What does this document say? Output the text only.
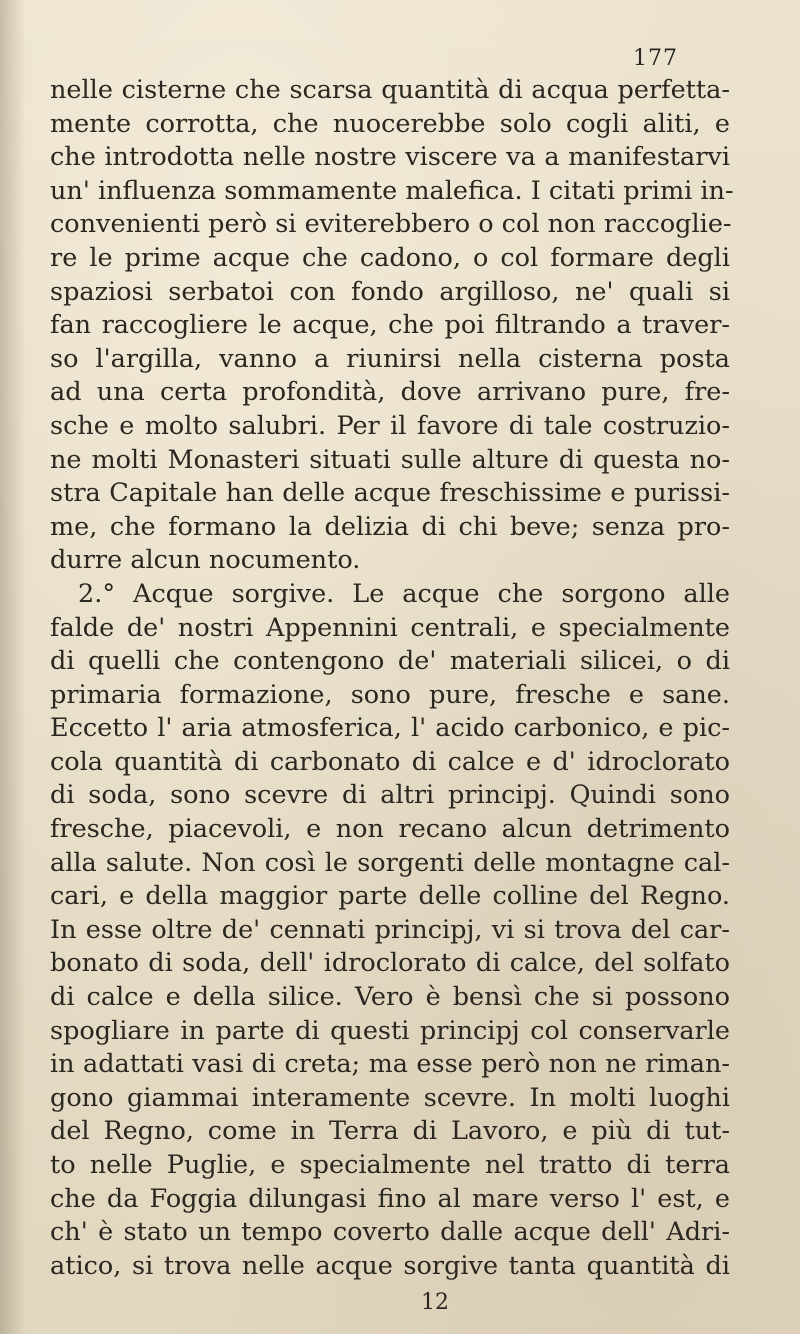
177
nelle cisterne che scarsa quantità di acqua perfetta-
mente corrotta, che nuocerebbe solo cogli aliti, e
che introdotta nelle nostre viscere va a manifestarvi
un' influenza sommamente malefica. I citati primi in-
convenienti però si eviterebbero o col non raccoglie-
re le prime acque che cadono, o col formare degli
spaziosi serbatoi con fondo argilloso, ne' quali si
fan raccogliere le acque, che poi filtrando a traver-
so l'argilla, vanno a riunirsi nella cisterna posta
ad una certa profondità, dove arrivano pure, fre-
sche e molto salubri. Per il favore di tale costruzio-
ne molti Monasteri situati sulle alture di questa no-
stra Capitale han delle acque freschissime e purissi-
me, che formano la delizia di chi beve; senza pro-
durre alcun nocumento.
2.° Acque sorgive. Le acque che sorgono alle
falde de' nostri Appennini centrali, e specialmente
di quelli che contengono de' materiali silicei, o di
primaria formazione, sono pure, fresche e sane.
Eccetto l' aria atmosferica, l' acido carbonico, e pic-
cola quantità di carbonato di calce e d' idroclorato
di soda, sono scevre di altri principj. Quindi sono
fresche, piacevoli, e non recano alcun detrimento
alla salute. Non così le sorgenti delle montagne cal-
cari, e della maggior parte delle colline del Regno.
In esse oltre de' cennati principj, vi si trova del car-
bonato di soda, dell' idroclorato di calce, del solfato
di calce e della silice. Vero è bensì che si possono
spogliare in parte di questi principj col conservarle
in adattati vasi di creta; ma esse però non ne riman-
gono giammai interamente scevre. In molti luoghi
del Regno, come in Terra di Lavoro, e più di tut-
to nelle Puglie, e specialmente nel tratto di terra
che da Foggia dilungasi fino al mare verso l' est, e
ch' è stato un tempo coverto dalle acque dell' Adri-
atico, si trova nelle acque sorgive tanta quantità di
12
